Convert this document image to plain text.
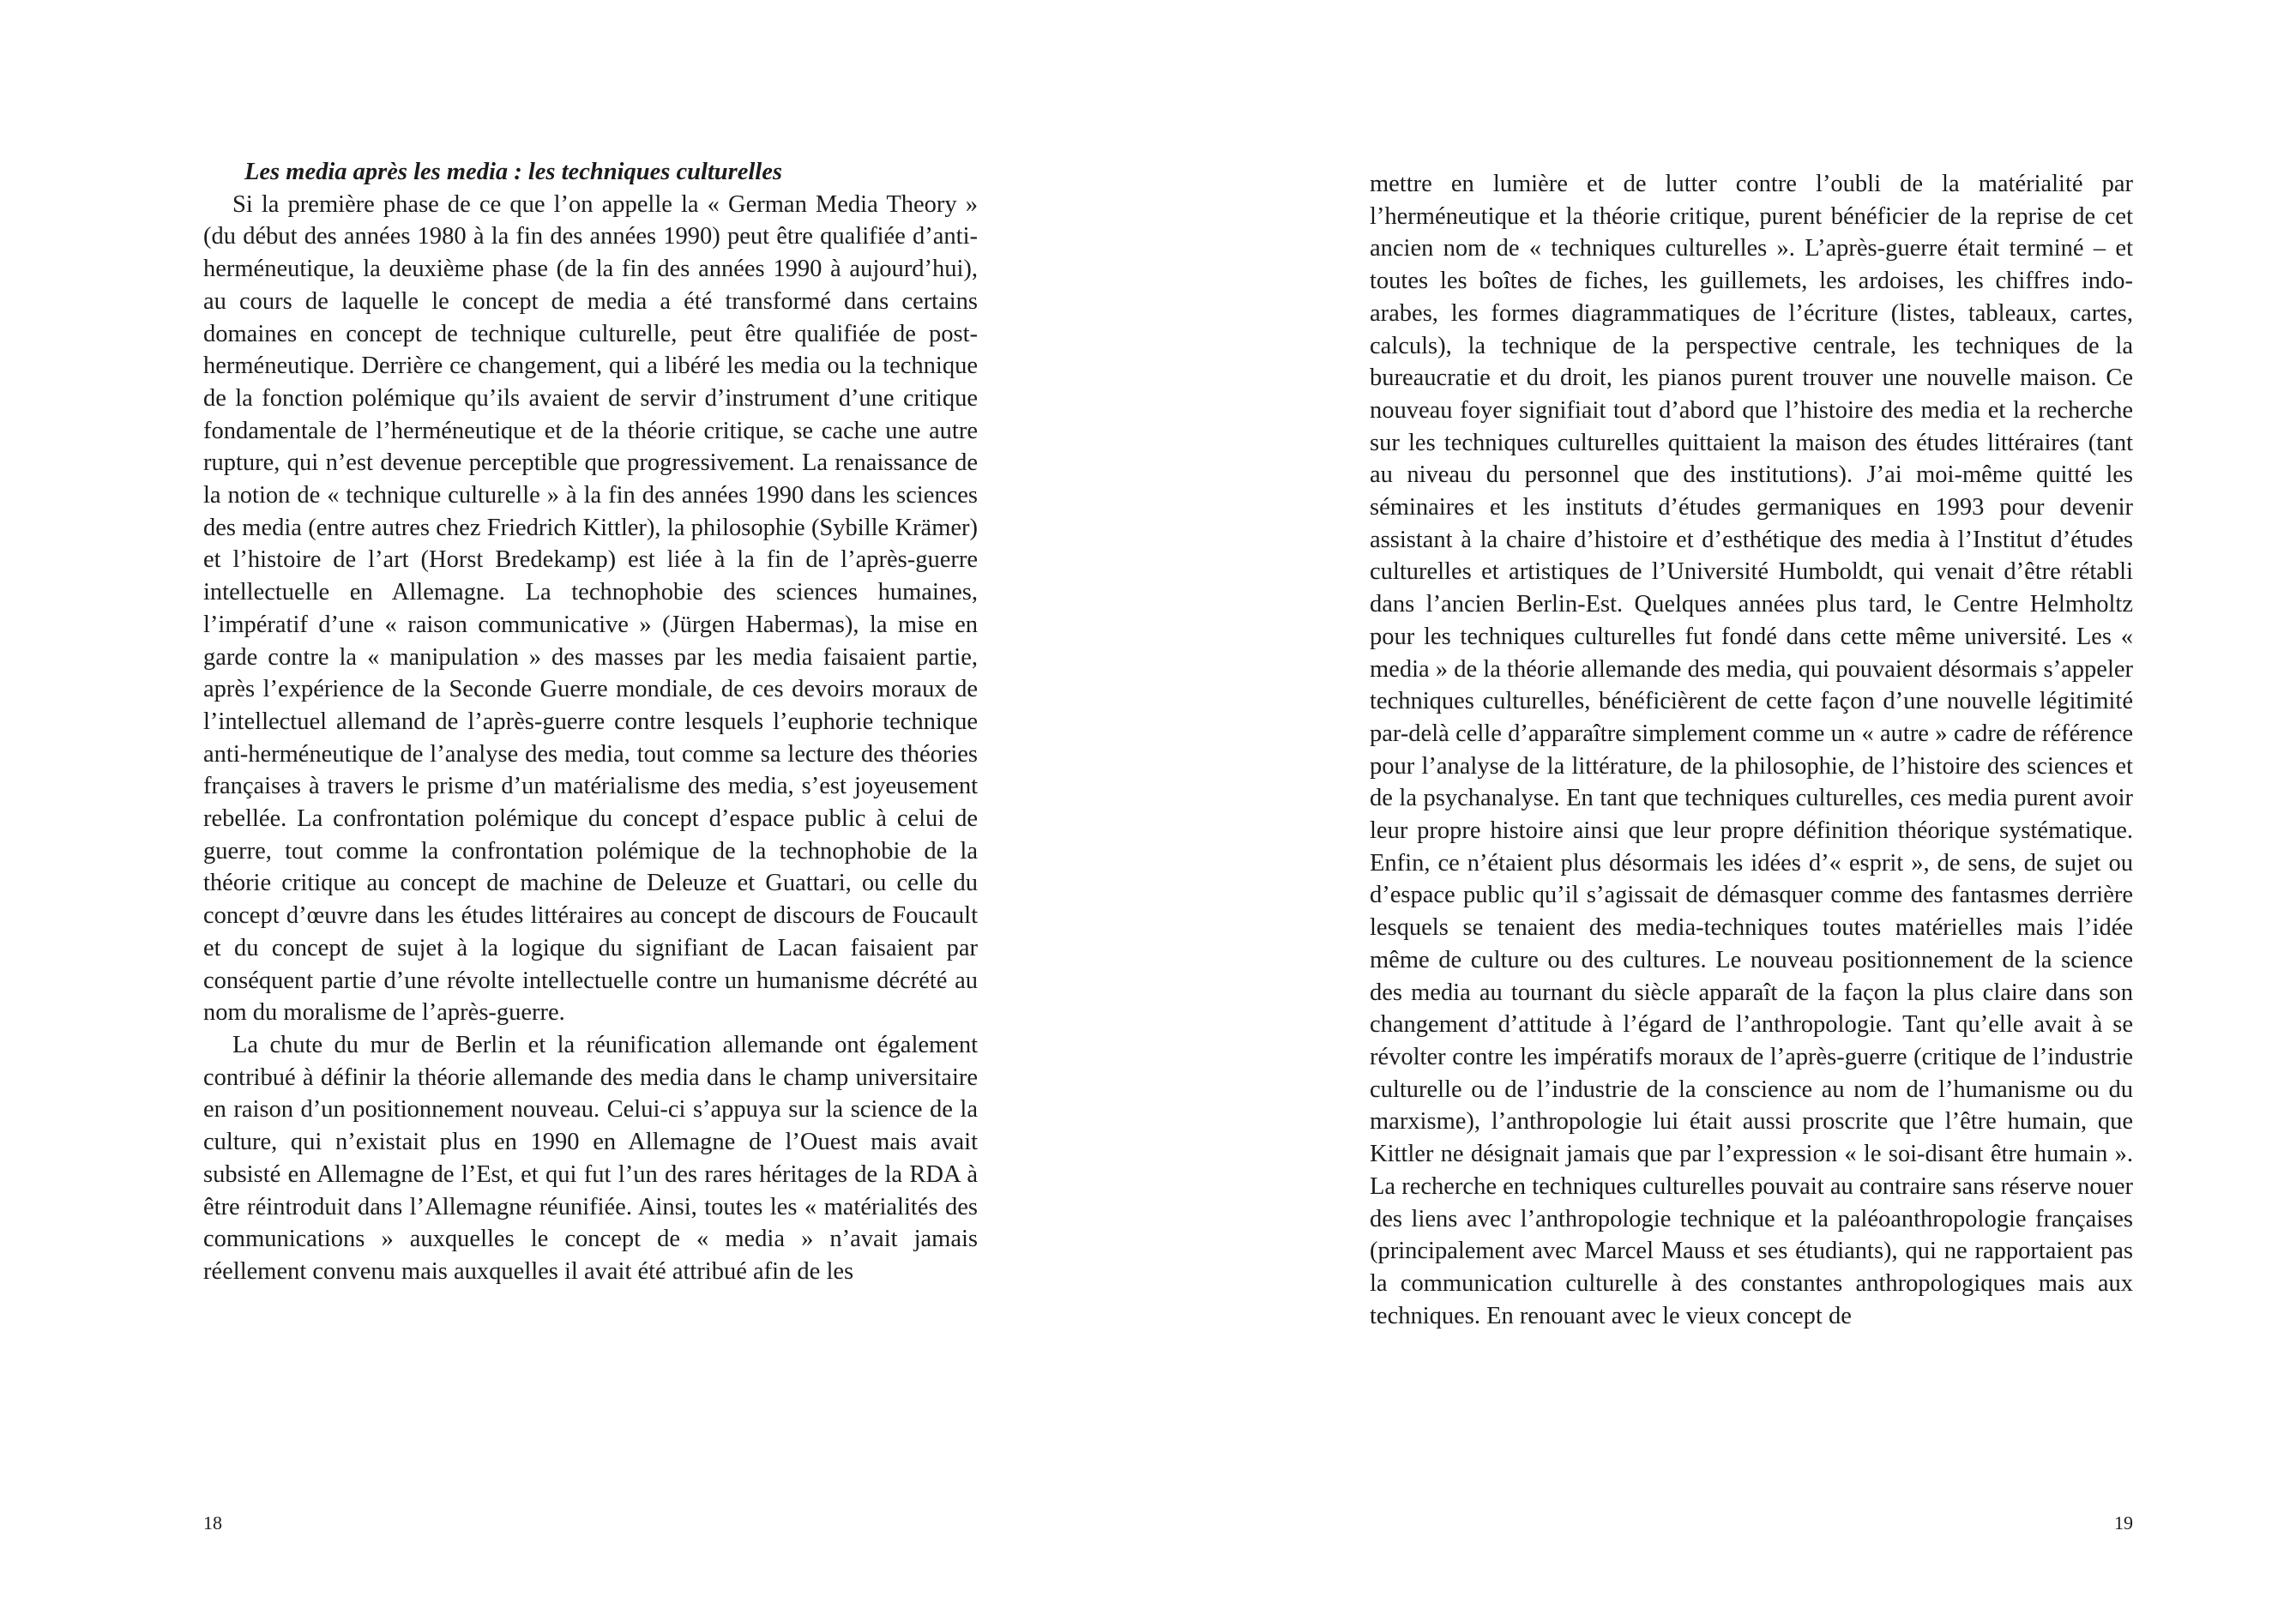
Les media après les media : les techniques culturelles

Si la première phase de ce que l’on appelle la « German Media Theory » (du début des années 1980 à la fin des années 1990) peut être qualifiée d’anti-herméneutique, la deuxième phase (de la fin des années 1990 à aujourd’hui), au cours de laquelle le concept de media a été transformé dans certains domaines en concept de technique culturelle, peut être qualifiée de post-herméneutique. Derrière ce changement, qui a libéré les media ou la technique de la fonction polémique qu’ils avaient de servir d’instrument d’une critique fondamentale de l’herméneutique et de la théorie critique, se cache une autre rupture, qui n’est devenue perceptible que progressivement. La renaissance de la notion de « technique culturelle » à la fin des années 1990 dans les sciences des media (entre autres chez Friedrich Kittler), la philosophie (Sybille Krämer) et l’histoire de l’art (Horst Bredekamp) est liée à la fin de l’après-guerre intellectuelle en Allemagne. La technophobie des sciences humaines, l’impératif d’une « raison communicative » (Jürgen Habermas), la mise en garde contre la « manipulation » des masses par les media faisaient partie, après l’expérience de la Seconde Guerre mondiale, de ces devoirs moraux de l’intellectuel allemand de l’après-guerre contre lesquels l’euphorie technique anti-herméneutique de l’analyse des media, tout comme sa lecture des théories françaises à travers le prisme d’un matérialisme des media, s’est joyeusement rebellée. La confrontation polémique du concept d’espace public à celui de guerre, tout comme la confrontation polémique de la technophobie de la théorie critique au concept de machine de Deleuze et Guattari, ou celle du concept d’œuvre dans les études littéraires au concept de discours de Foucault et du concept de sujet à la logique du signifiant de Lacan faisaient par conséquent partie d’une révolte intellectuelle contre un humanisme décrété au nom du moralisme de l’après-guerre.

La chute du mur de Berlin et la réunification allemande ont également contribué à définir la théorie allemande des media dans le champ universitaire en raison d’un positionnement nouveau. Celui-ci s’appuya sur la science de la culture, qui n’existait plus en 1990 en Allemagne de l’Ouest mais avait subsisté en Allemagne de l’Est, et qui fut l’un des rares héritages de la RDA à être réintroduit dans l’Allemagne réunifiée. Ainsi, toutes les « matérialités des communications » auxquelles le concept de « media » n’avait jamais réellement convenu mais auxquelles il avait été attribué afin de les

mettre en lumière et de lutter contre l’oubli de la matérialité par l’herméneutique et la théorie critique, purent bénéficier de la reprise de cet ancien nom de « techniques culturelles ». L’après-guerre était terminé – et toutes les boîtes de fiches, les guillemets, les ardoises, les chiffres indo-arabes, les formes diagrammatiques de l’écriture (listes, tableaux, cartes, calculs), la technique de la perspective centrale, les techniques de la bureaucratie et du droit, les pianos purent trouver une nouvelle maison. Ce nouveau foyer signifiait tout d’abord que l’histoire des media et la recherche sur les techniques culturelles quittaient la maison des études littéraires (tant au niveau du personnel que des institutions). J’ai moi-même quitté les séminaires et les instituts d’études germaniques en 1993 pour devenir assistant à la chaire d’histoire et d’esthétique des media à l’Institut d’études culturelles et artistiques de l’Université Humboldt, qui venait d’être rétabli dans l’ancien Berlin-Est. Quelques années plus tard, le Centre Helmholtz pour les techniques culturelles fut fondé dans cette même université. Les « media » de la théorie allemande des media, qui pouvaient désormais s’appeler techniques culturelles, bénéficièrent de cette façon d’une nouvelle légitimité par-delà celle d’apparaître simplement comme un « autre » cadre de référence pour l’analyse de la littérature, de la philosophie, de l’histoire des sciences et de la psychanalyse. En tant que techniques culturelles, ces media purent avoir leur propre histoire ainsi que leur propre définition théorique systématique. Enfin, ce n’étaient plus désormais les idées d’« esprit », de sens, de sujet ou d’espace public qu’il s’agissait de démasquer comme des fantasmes derrière lesquels se tenaient des media-techniques toutes matérielles mais l’idée même de culture ou des cultures. Le nouveau positionnement de la science des media au tournant du siècle apparaît de la façon la plus claire dans son changement d’attitude à l’égard de l’anthropologie. Tant qu’elle avait à se révolter contre les impératifs moraux de l’après-guerre (critique de l’industrie culturelle ou de l’industrie de la conscience au nom de l’humanisme ou du marxisme), l’anthropologie lui était aussi proscrite que l’être humain, que Kittler ne désignait jamais que par l’expression « le soi-disant être humain ». La recherche en techniques culturelles pouvait au contraire sans réserve nouer des liens avec l’anthropologie technique et la paléoanthropologie françaises (principalement avec Marcel Mauss et ses étudiants), qui ne rapportaient pas la communication culturelle à des constantes anthropologiques mais aux techniques. En renouant avec le vieux concept de

18	19
